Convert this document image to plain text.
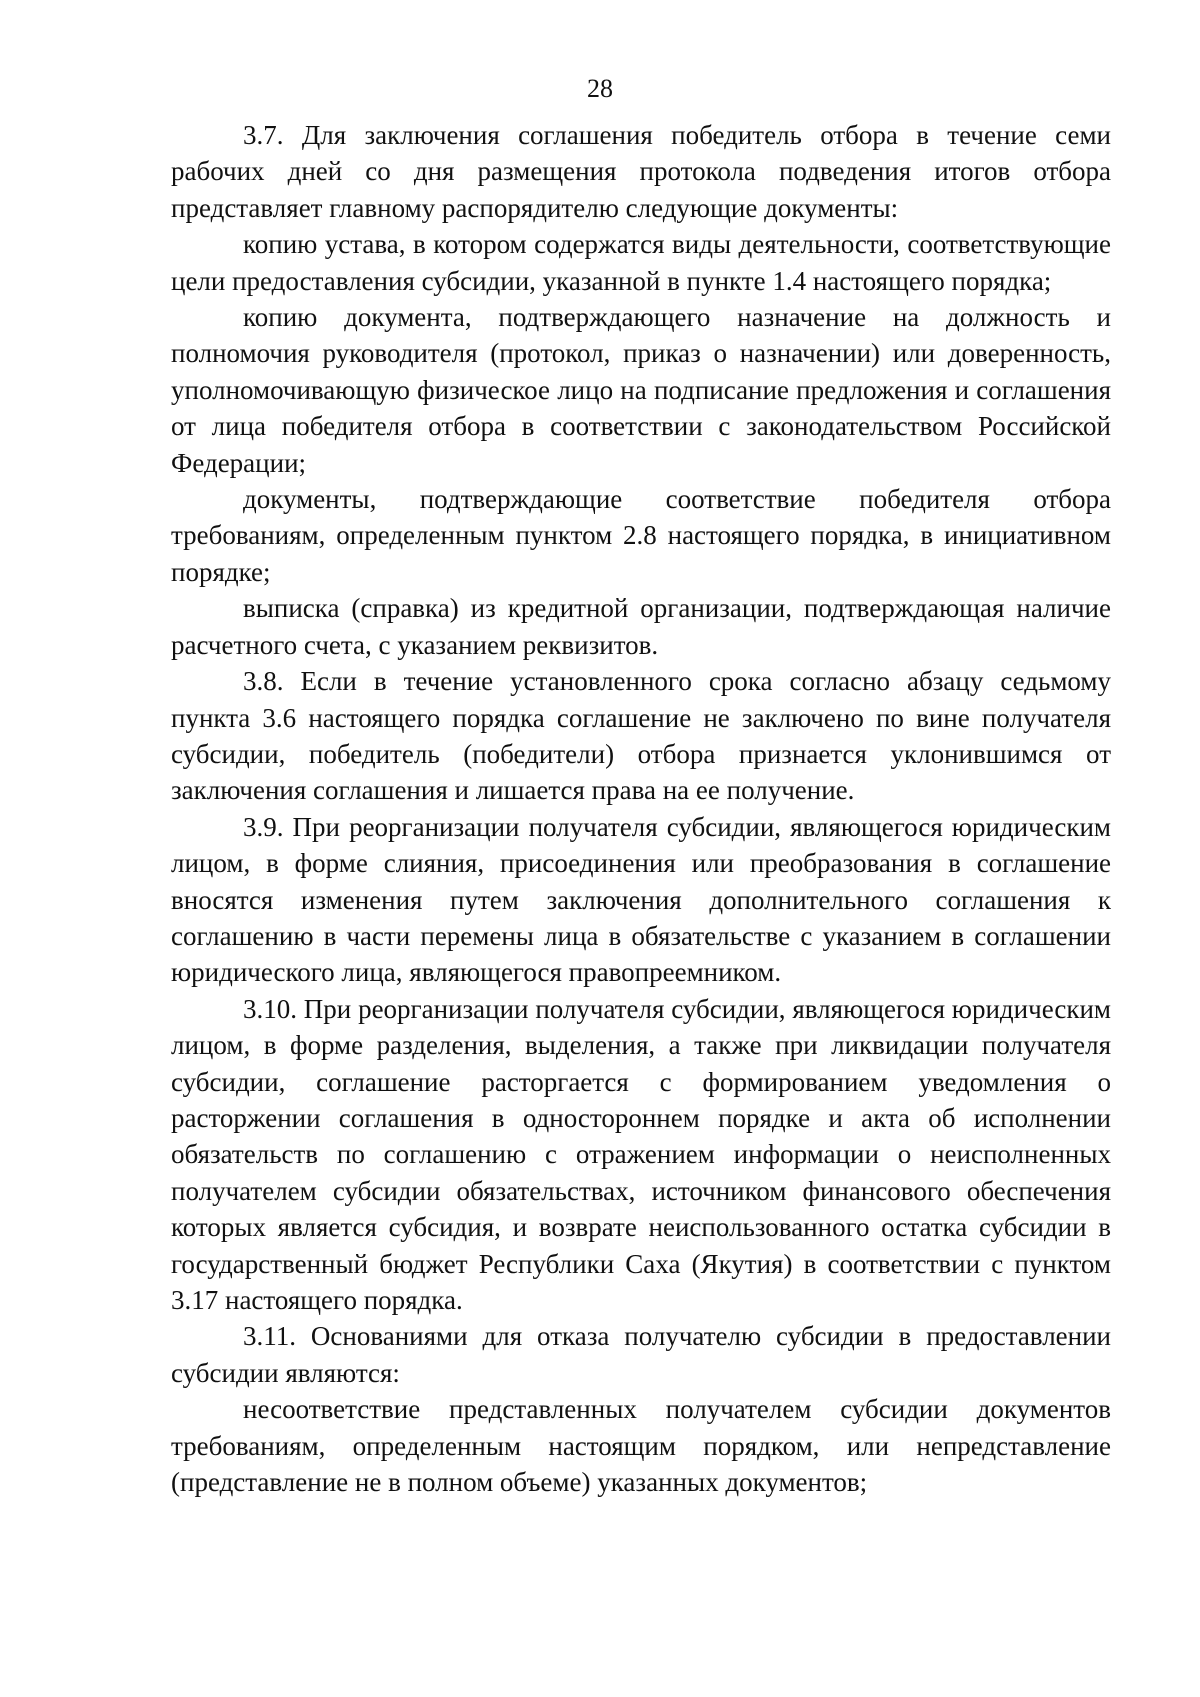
28

3.7. Для заключения соглашения победитель отбора в течение семи рабочих дней со дня размещения протокола подведения итогов отбора представляет главному распорядителю следующие документы:

копию устава, в котором содержатся виды деятельности, соответствующие цели предоставления субсидии, указанной в пункте 1.4 настоящего порядка;

копию документа, подтверждающего назначение на должность и полномочия руководителя (протокол, приказ о назначении) или доверенность, уполномочивающую физическое лицо на подписание предложения и соглашения от лица победителя отбора в соответствии с законодательством Российской Федерации;

документы, подтверждающие соответствие победителя отбора требованиям, определенным пунктом 2.8 настоящего порядка, в инициативном порядке;

выписка (справка) из кредитной организации, подтверждающая наличие расчетного счета, с указанием реквизитов.

3.8. Если в течение установленного срока согласно абзацу седьмому пункта 3.6 настоящего порядка соглашение не заключено по вине получателя субсидии, победитель (победители) отбора признается уклонившимся от заключения соглашения и лишается права на ее получение.

3.9. При реорганизации получателя субсидии, являющегося юридическим лицом, в форме слияния, присоединения или преобразования в соглашение вносятся изменения путем заключения дополнительного соглашения к соглашению в части перемены лица в обязательстве с указанием в соглашении юридического лица, являющегося правопреемником.

3.10. При реорганизации получателя субсидии, являющегося юридическим лицом, в форме разделения, выделения, а также при ликвидации получателя субсидии, соглашение расторгается с формированием уведомления о расторжении соглашения в одностороннем порядке и акта об исполнении обязательств по соглашению с отражением информации о неисполненных получателем субсидии обязательствах, источником финансового обеспечения которых является субсидия, и возврате неиспользованного остатка субсидии в государственный бюджет Республики Саха (Якутия) в соответствии с пунктом 3.17 настоящего порядка.

3.11. Основаниями для отказа получателю субсидии в предоставлении субсидии являются:

несоответствие представленных получателем субсидии документов требованиям, определенным настоящим порядком, или непредставление (представление не в полном объеме) указанных документов;
